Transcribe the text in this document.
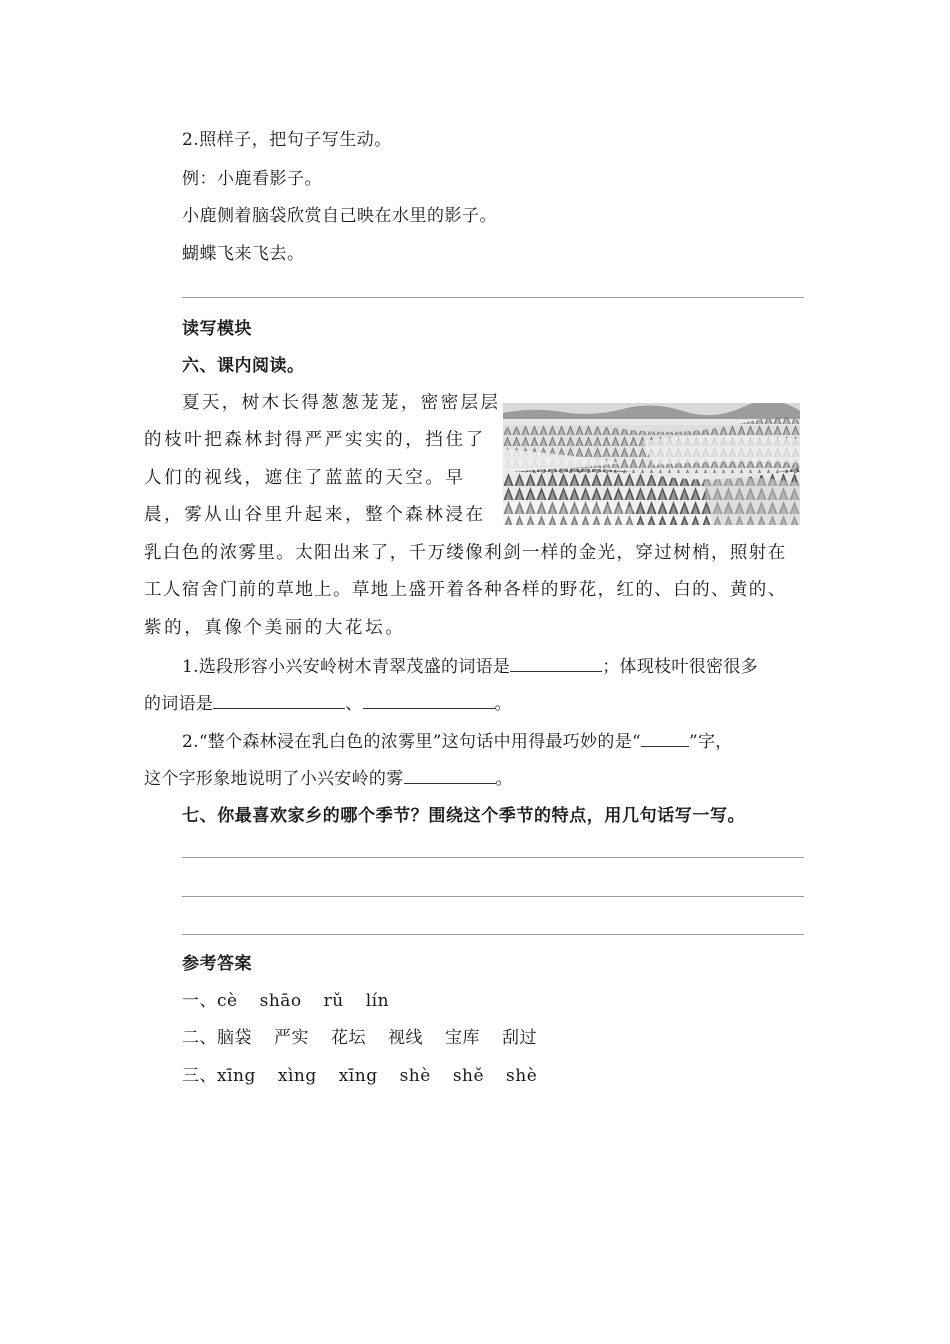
2.照样子，把句子写生动。
例：小鹿看影子。
小鹿侧着脑袋欣赏自己映在水里的影子。
蝴蝶飞来飞去。
读写模块
六、课内阅读。
夏天，树木长得葱葱茏茏，密密层层
的枝叶把森林封得严严实实的，挡住了
人们的视线，遮住了蓝蓝的天空。早
晨，雾从山谷里升起来，整个森林浸在
乳白色的浓雾里。太阳出来了，千万缕像利剑一样的金光，穿过树梢，照射在
工人宿舍门前的草地上。草地上盛开着各种各样的野花，红的、白的、黄的、
紫的，真像个美丽的大花坛。
1.选段形容小兴安岭树木青翠茂盛的词语是	；体现枝叶很密很多
的词语是	、	。
2.“整个森林浸在乳白色的浓雾里”这句话中用得最巧妙的是“	”字，
这个字形象地说明了小兴安岭的雾	。
七、你最喜欢家乡的哪个季节？围绕这个季节的特点，用几句话写一写。
参考答案
一、cè shāo rǔ lín
二、脑袋 严实 花坛 视线 宝库 刮过
三、xīng xìng xīng shè shě shè
